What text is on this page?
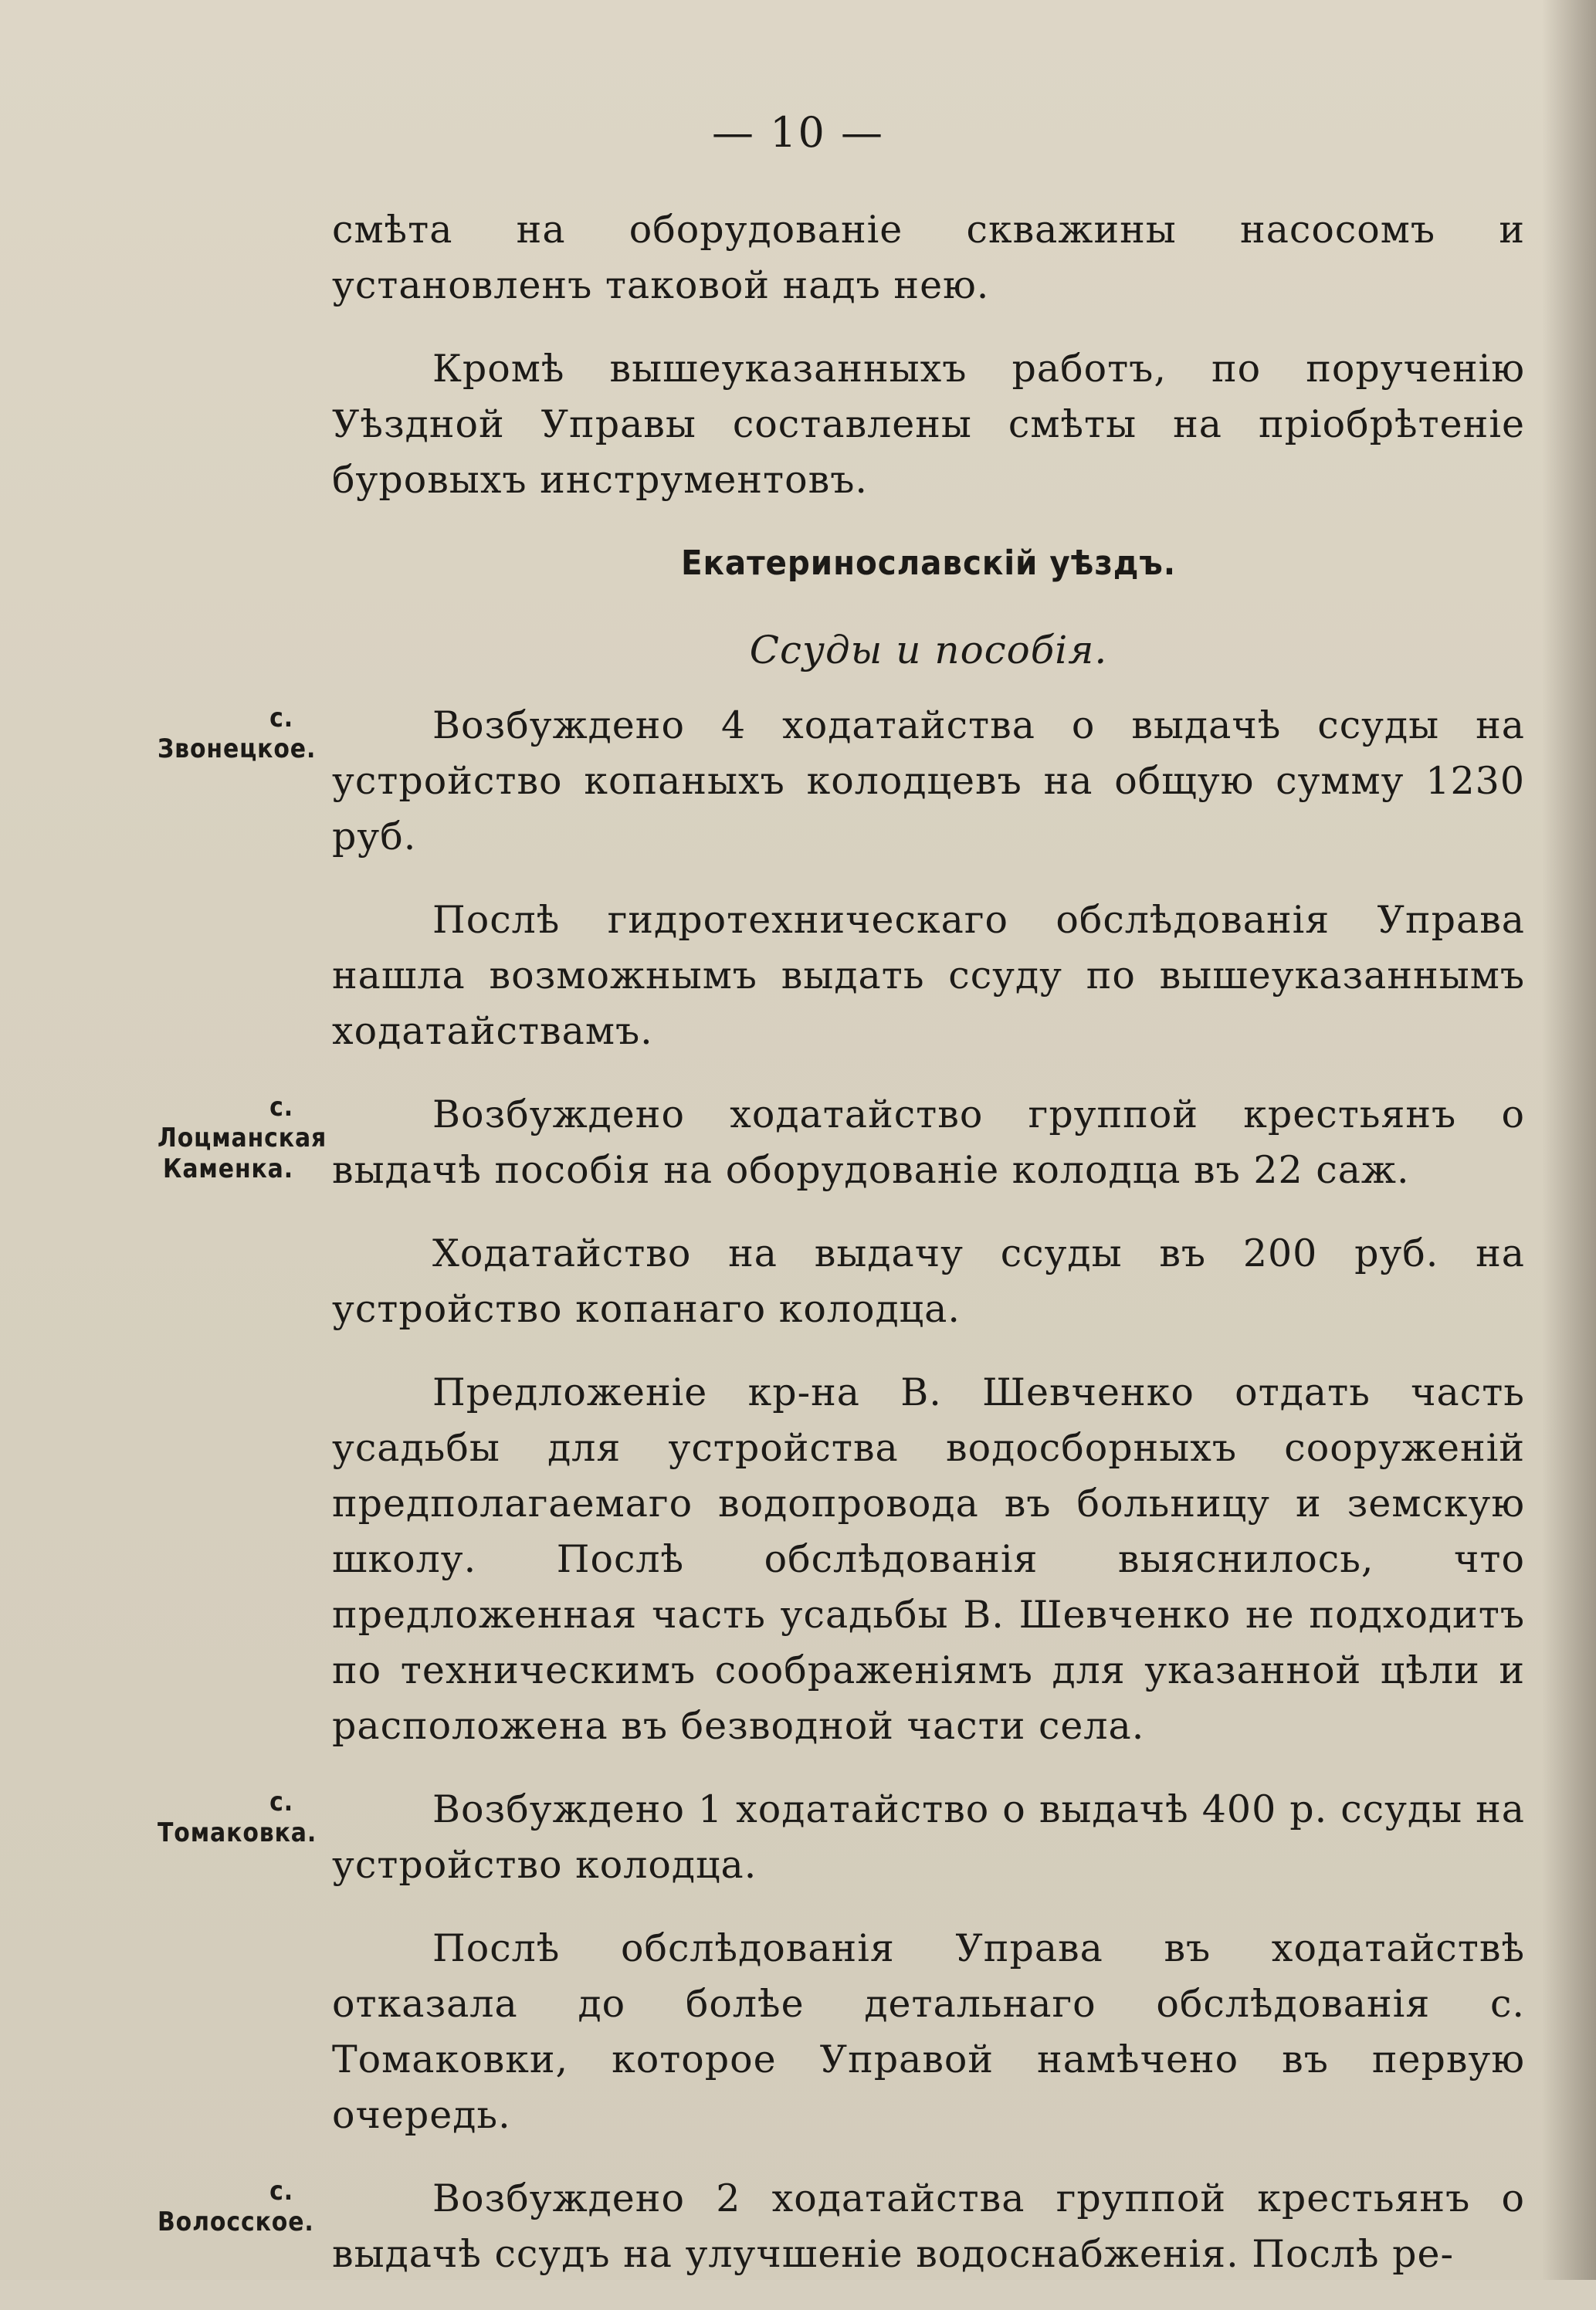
— 10 —

смѣта на оборудованіе скважины насосомъ и установленъ таковой надъ нею.

Кромѣ вышеуказанныхъ работъ, по порученію Уѣздной Управы составлены смѣты на пріобрѣтеніе буровыхъ инструментовъ.

Екатеринославскій уѣздъ.
Ссуды и пособія.
с. Звонецкое.

Возбуждено 4 ходатайства о выдачѣ ссуды на устройство копаныхъ колодцевъ на общую сумму 1230 руб.

Послѣ гидротехническаго обслѣдованія Управа нашла возможнымъ выдать ссуду по вышеуказаннымъ ходатайствамъ.

с. Лоцманская Каменка.

Возбуждено ходатайство группой крестьянъ о выдачѣ пособія на оборудованіе колодца въ 22 саж.

Ходатайство на выдачу ссуды въ 200 руб. на устройство копанаго колодца.

Предложеніе кр-на В. Шевченко отдать часть усадьбы для устройства водосборныхъ сооруженій предполагаемаго водопровода въ больницу и земскую школу. Послѣ обслѣдованія выяснилось, что предложенная часть усадьбы В. Шевченко не подходитъ по техническимъ соображеніямъ для указанной цѣли и расположена въ безводной части села.

с. Томаковка.

Возбуждено 1 ходатайство о выдачѣ 400 р. ссуды на устройство колодца.

Послѣ обслѣдованія Управа въ ходатайствѣ отказала до болѣе детальнаго обслѣдованія с. Томаковки, которое Управой намѣчено въ первую очередь.

с. Волосское.

Возбуждено 2 ходатайства группой крестьянъ о выдачѣ ссудъ на улучшеніе водоснабженія. Послѣ ре-
